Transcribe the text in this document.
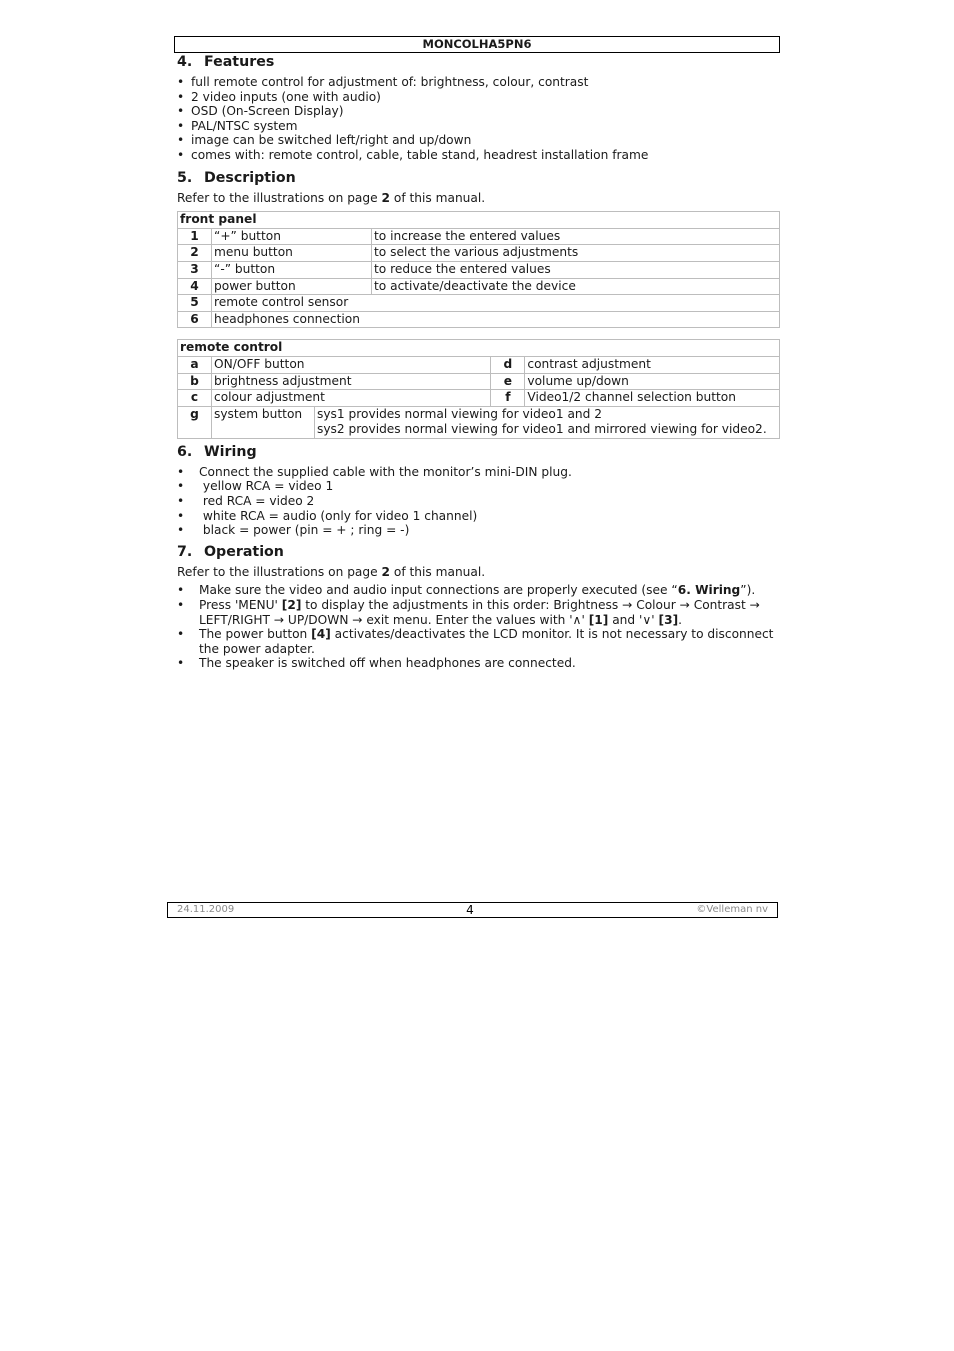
MONCOLHA5PN6
4. Features
• full remote control for adjustment of: brightness, colour, contrast
• 2 video inputs (one with audio)
• OSD (On-Screen Display)
• PAL/NTSC system
• image can be switched left/right and up/down
• comes with: remote control, cable, table stand, headrest installation frame
5. Description

Refer to the illustrations on page 2 of this manual.

front panel		
1	“+” button	to increase the entered values
2	menu button	to select the various adjustments
3	“-” button	to reduce the entered values
4	power button	to activate/deactivate the device
5	remote control sensor	
6	headphones connection	
remote control				
a	ON/OFF button		d	contrast adjustment
b	brightness adjustment		e	volume up/down
c	colour adjustment		f	Video1/2 channel selection button
g	system button	sys1 provides normal viewing for video1 and 2
sys2 provides normal viewing for video1 and mirrored viewing for video2.		
6. Wiring
• Connect the supplied cable with the monitor’s mini-DIN plug.
•  yellow RCA = video 1
•  red RCA = video 2
•  white RCA = audio (only for video 1 channel)
•  black = power (pin = + ; ring = -)
7. Operation

Refer to the illustrations on page 2 of this manual.

• Make sure the video and audio input connections are properly executed (see “6. Wiring”).
• Press 'MENU' [2] to display the adjustments in this order: Brightness → Colour → Contrast → LEFT/RIGHT → UP/DOWN → exit menu. Enter the values with '∧' [1] and '∨' [3].
• The power button [4] activates/deactivates the LCD monitor. It is not necessary to disconnect the power adapter.
• The speaker is switched off when headphones are connected.
24.11.2009	4	©Velleman nv
